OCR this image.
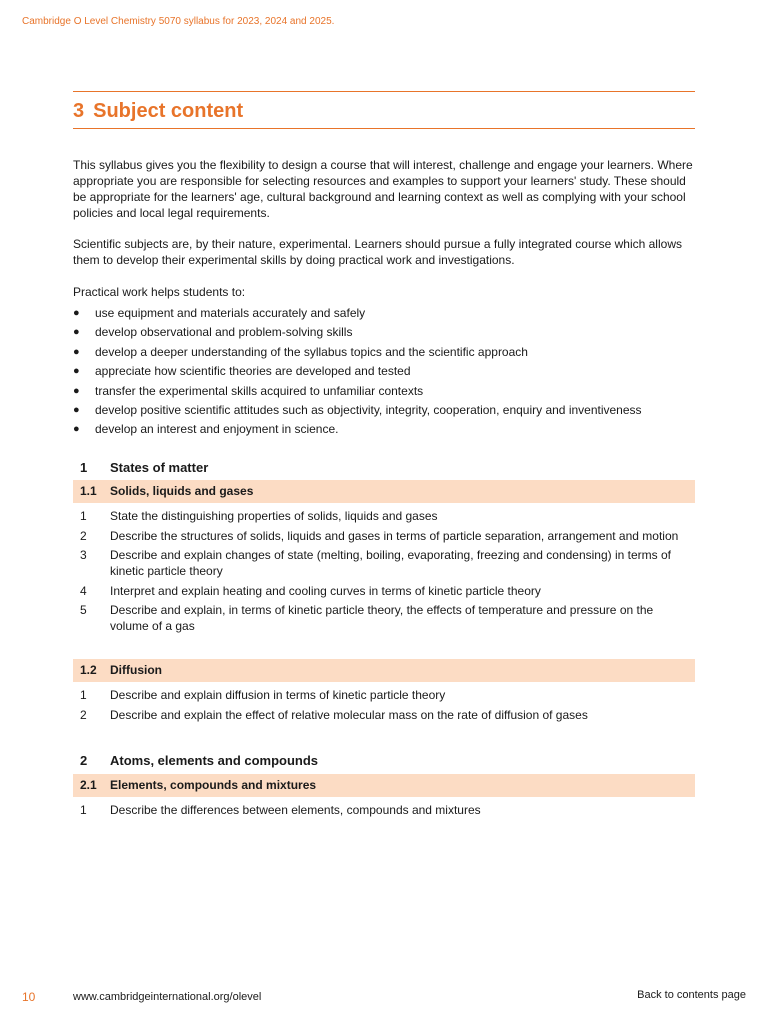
Cambridge O Level Chemistry 5070 syllabus for 2023, 2024 and 2025.
3 Subject content

This syllabus gives you the flexibility to design a course that will interest, challenge and engage your learners. Where appropriate you are responsible for selecting resources and examples to support your learners' study. These should be appropriate for the learners' age, cultural background and learning context as well as complying with your school policies and local legal requirements.

Scientific subjects are, by their nature, experimental. Learners should pursue a fully integrated course which allows them to develop their experimental skills by doing practical work and investigations.

Practical work helps students to:

● use equipment and materials accurately and safely
● develop observational and problem-solving skills
● develop a deeper understanding of the syllabus topics and the scientific approach
● appreciate how scientific theories are developed and tested
● transfer the experimental skills acquired to unfamiliar contexts
● develop positive scientific attitudes such as objectivity, integrity, cooperation, enquiry and inventiveness
● develop an interest and enjoyment in science.
1 States of matter
1.1 Solids, liquids and gases
1 State the distinguishing properties of solids, liquids and gases
2 Describe the structures of solids, liquids and gases in terms of particle separation, arrangement and motion
3 Describe and explain changes of state (melting, boiling, evaporating, freezing and condensing) in terms of kinetic particle theory
4 Interpret and explain heating and cooling curves in terms of kinetic particle theory
5 Describe and explain, in terms of kinetic particle theory, the effects of temperature and pressure on the volume of a gas
1.2 Diffusion
1 Describe and explain diffusion in terms of kinetic particle theory
2 Describe and explain the effect of relative molecular mass on the rate of diffusion of gases
2 Atoms, elements and compounds
2.1 Elements, compounds and mixtures
1 Describe the differences between elements, compounds and mixtures
10	www.cambridgeinternational.org/olevel	Back to contents page
